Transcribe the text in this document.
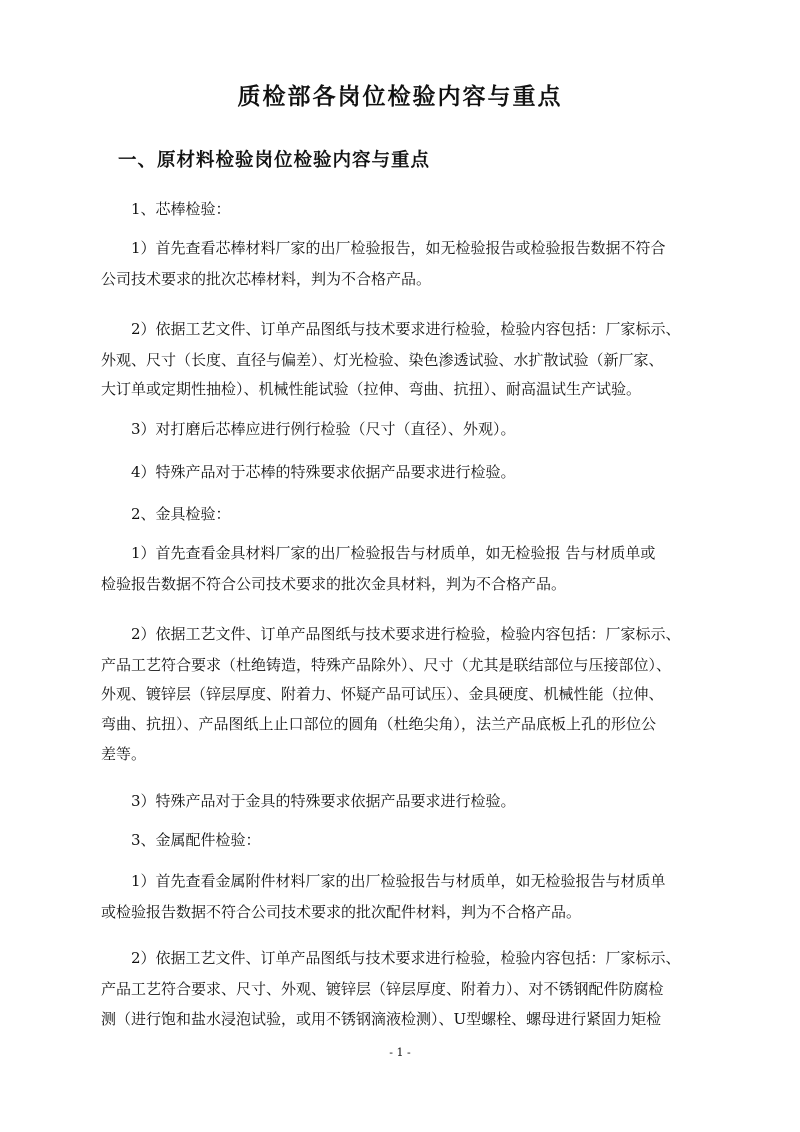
质检部各岗位检验内容与重点
一、原材料检验岗位检验内容与重点
1、芯棒检验：
1）首先查看芯棒材料厂家的出厂检验报告，如无检验报告或检验报告数据不符合
公司技术要求的批次芯棒材料，判为不合格产品。
2）依据工艺文件、订单产品图纸与技术要求进行检验，检验内容包括：厂家标示、
外观、尺寸（长度、直径与偏差）、灯光检验、染色渗透试验、水扩散试验（新厂家、
大订单或定期性抽检）、机械性能试验（拉伸、弯曲、抗扭）、耐高温试生产试验。
3）对打磨后芯棒应进行例行检验（尺寸（直径）、外观）。
4）特殊产品对于芯棒的特殊要求依据产品要求进行检验。
2、金具检验：
1）首先查看金具材料厂家的出厂检验报告与材质单，如无检验报 告与材质单或
检验报告数据不符合公司技术要求的批次金具材料，判为不合格产品。
2）依据工艺文件、订单产品图纸与技术要求进行检验，检验内容包括：厂家标示、
产品工艺符合要求（杜绝铸造，特殊产品除外）、尺寸（尤其是联结部位与压接部位）、
外观、镀锌层（锌层厚度、附着力、怀疑产品可试压）、金具硬度、机械性能（拉伸、
弯曲、抗扭）、产品图纸上止口部位的圆角（杜绝尖角），法兰产品底板上孔的形位公
差等。
3）特殊产品对于金具的特殊要求依据产品要求进行检验。
3、金属配件检验：
1）首先查看金属附件材料厂家的出厂检验报告与材质单，如无检验报告与材质单
或检验报告数据不符合公司技术要求的批次配件材料，判为不合格产品。
2）依据工艺文件、订单产品图纸与技术要求进行检验，检验内容包括：厂家标示、
产品工艺符合要求、尺寸、外观、镀锌层（锌层厚度、附着力）、对不锈钢配件防腐检
测（进行饱和盐水浸泡试验，或用不锈钢滴液检测）、U型螺栓、螺母进行紧固力矩检
- 1 -
